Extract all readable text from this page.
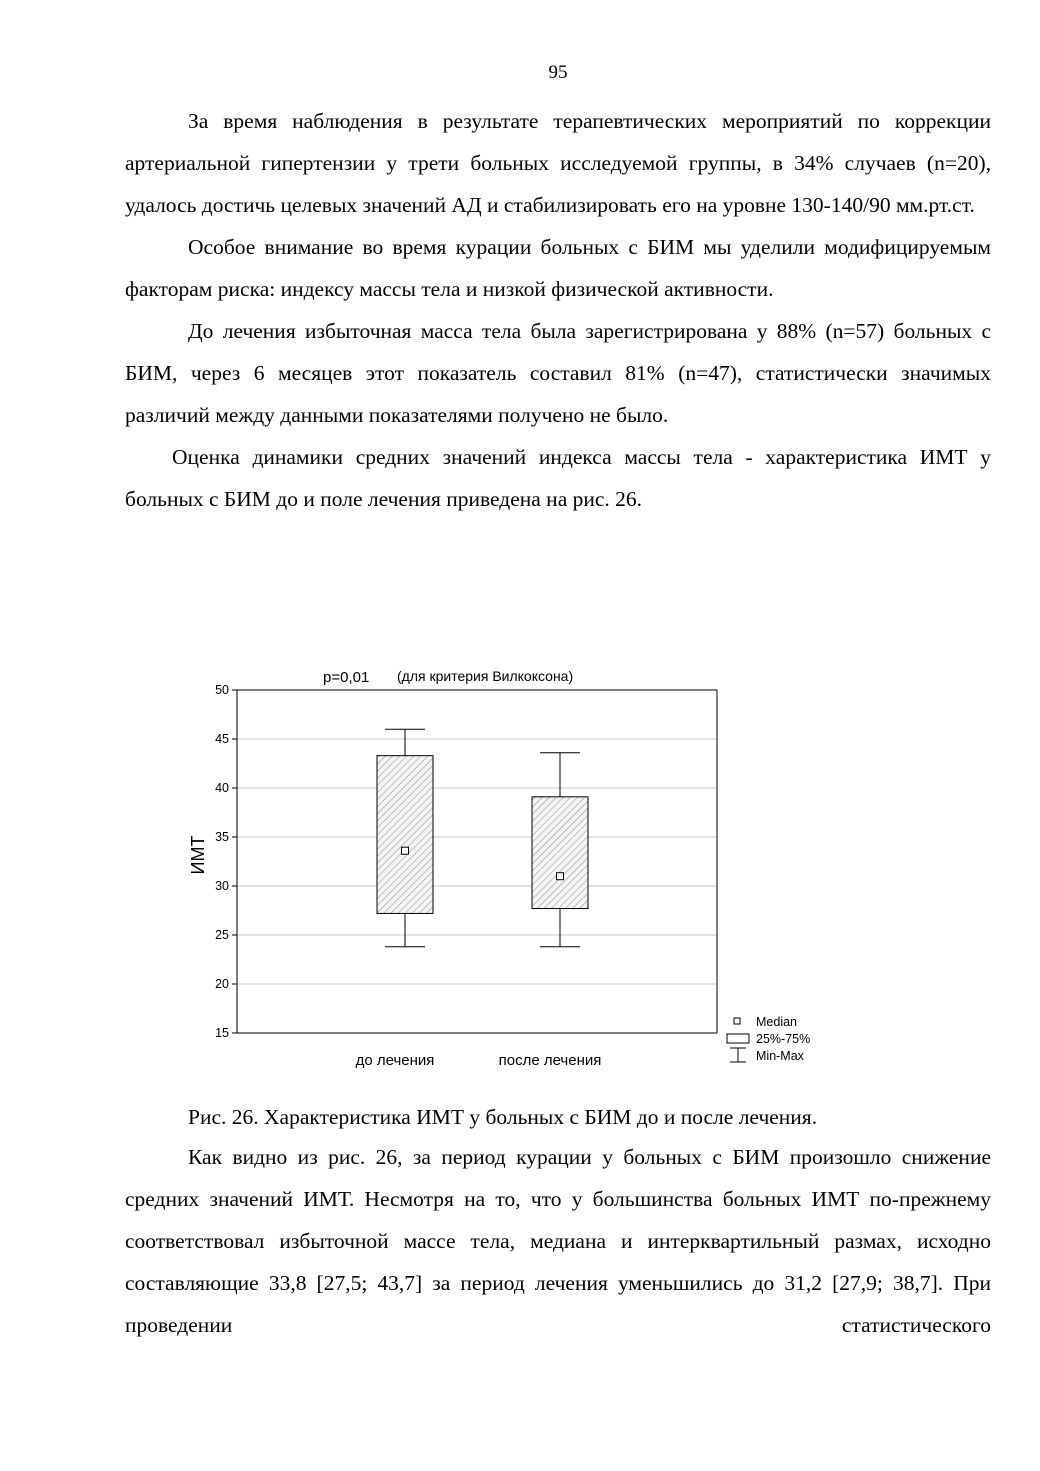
95

За время наблюдения в результате терапевтических мероприятий по коррекции артериальной гипертензии у трети больных исследуемой группы, в 34% случаев (n=20), удалось достичь целевых значений АД и стабилизировать его на уровне 130-140/90 мм.рт.ст.

Особое внимание во время курации больных с БИМ мы уделили модифицируемым факторам риска: индексу массы тела и низкой физической активности.

До лечения избыточная масса тела была зарегистрирована у 88% (n=57) больных с БИМ, через 6 месяцев этот показатель составил 81% (n=47), статистически значимых различий между данными показателями получено не было.

Оценка динамики средних значений индекса массы тела - характеристика ИМТ у больных с БИМ до и поле лечения приведена на рис. 26.

15
20
25
30
35
40
45
50
до лечения	после лечения
p=0,01 (для критерия Вилкоксона)
ИМТ
Median
25%-75%
Min-Max
Рис. 26. Характеристика ИМТ у больных с БИМ до и после лечения.

Как видно из рис. 26, за период курации у больных с БИМ произошло снижение средних значений ИМТ. Несмотря на то, что у большинства больных ИМТ по-прежнему соответствовал избыточной массе тела, медиана и интерквартильный размах, исходно составляющие 33,8 [27,5; 43,7] за период лечения уменьшились до 31,2 [27,9; 38,7]. При проведении статистического
